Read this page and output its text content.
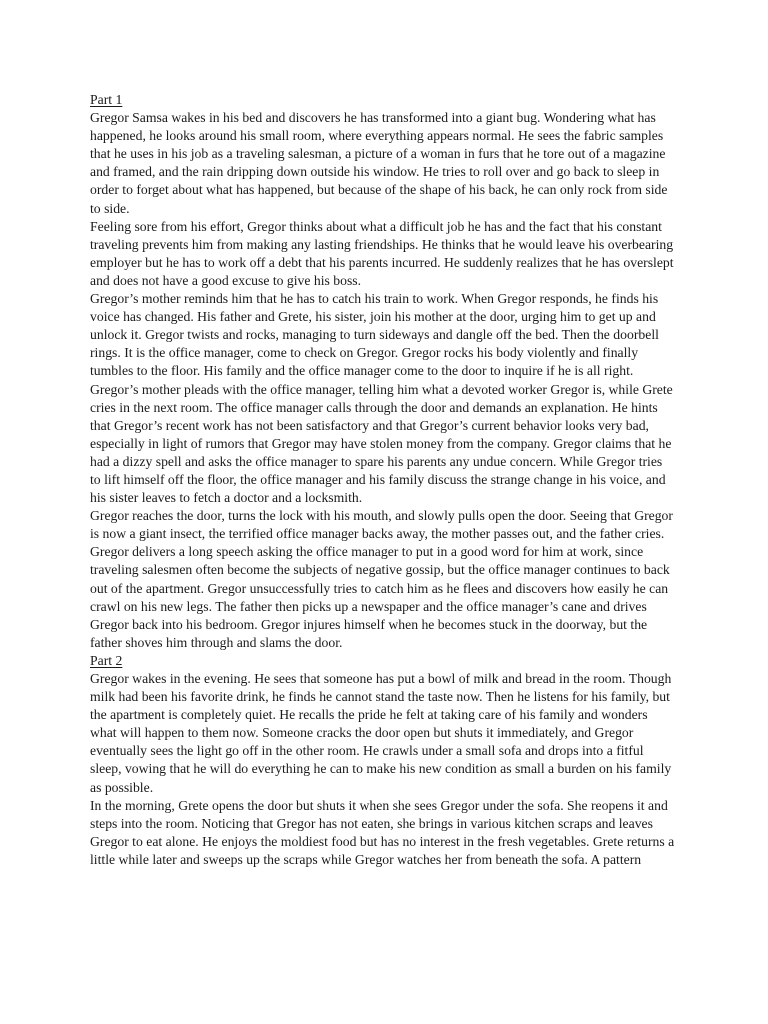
Part 1

Gregor Samsa wakes in his bed and discovers he has transformed into a giant bug. Wondering what has happened, he looks around his small room, where everything appears normal. He sees the fabric samples that he uses in his job as a traveling salesman, a picture of a woman in furs that he tore out of a magazine and framed, and the rain dripping down outside his window. He tries to roll over and go back to sleep in order to forget about what has happened, but because of the shape of his back, he can only rock from side to side.

Feeling sore from his effort, Gregor thinks about what a difficult job he has and the fact that his constant traveling prevents him from making any lasting friendships. He thinks that he would leave his overbearing employer but he has to work off a debt that his parents incurred. He suddenly realizes that he has overslept and does not have a good excuse to give his boss.

Gregor’s mother reminds him that he has to catch his train to work. When Gregor responds, he finds his voice has changed. His father and Grete, his sister, join his mother at the door, urging him to get up and unlock it. Gregor twists and rocks, managing to turn sideways and dangle off the bed. Then the doorbell rings. It is the office manager, come to check on Gregor. Gregor rocks his body violently and finally tumbles to the floor. His family and the office manager come to the door to inquire if he is all right.

Gregor’s mother pleads with the office manager, telling him what a devoted worker Gregor is, while Grete cries in the next room. The office manager calls through the door and demands an explanation. He hints that Gregor’s recent work has not been satisfactory and that Gregor’s current behavior looks very bad, especially in light of rumors that Gregor may have stolen money from the company. Gregor claims that he had a dizzy spell and asks the office manager to spare his parents any undue concern. While Gregor tries to lift himself off the floor, the office manager and his family discuss the strange change in his voice, and his sister leaves to fetch a doctor and a locksmith.

Gregor reaches the door, turns the lock with his mouth, and slowly pulls open the door. Seeing that Gregor is now a giant insect, the terrified office manager backs away, the mother passes out, and the father cries. Gregor delivers a long speech asking the office manager to put in a good word for him at work, since traveling salesmen often become the subjects of negative gossip, but the office manager continues to back out of the apartment. Gregor unsuccessfully tries to catch him as he flees and discovers how easily he can crawl on his new legs. The father then picks up a newspaper and the office manager’s cane and drives Gregor back into his bedroom. Gregor injures himself when he becomes stuck in the doorway, but the father shoves him through and slams the door.

Part 2

Gregor wakes in the evening. He sees that someone has put a bowl of milk and bread in the room. Though milk had been his favorite drink, he finds he cannot stand the taste now. Then he listens for his family, but the apartment is completely quiet. He recalls the pride he felt at taking care of his family and wonders what will happen to them now. Someone cracks the door open but shuts it immediately, and Gregor eventually sees the light go off in the other room. He crawls under a small sofa and drops into a fitful sleep, vowing that he will do everything he can to make his new condition as small a burden on his family as possible.

In the morning, Grete opens the door but shuts it when she sees Gregor under the sofa. She reopens it and steps into the room. Noticing that Gregor has not eaten, she brings in various kitchen scraps and leaves Gregor to eat alone. He enjoys the moldiest food but has no interest in the fresh vegetables. Grete returns a little while later and sweeps up the scraps while Gregor watches her from beneath the sofa. A pattern
